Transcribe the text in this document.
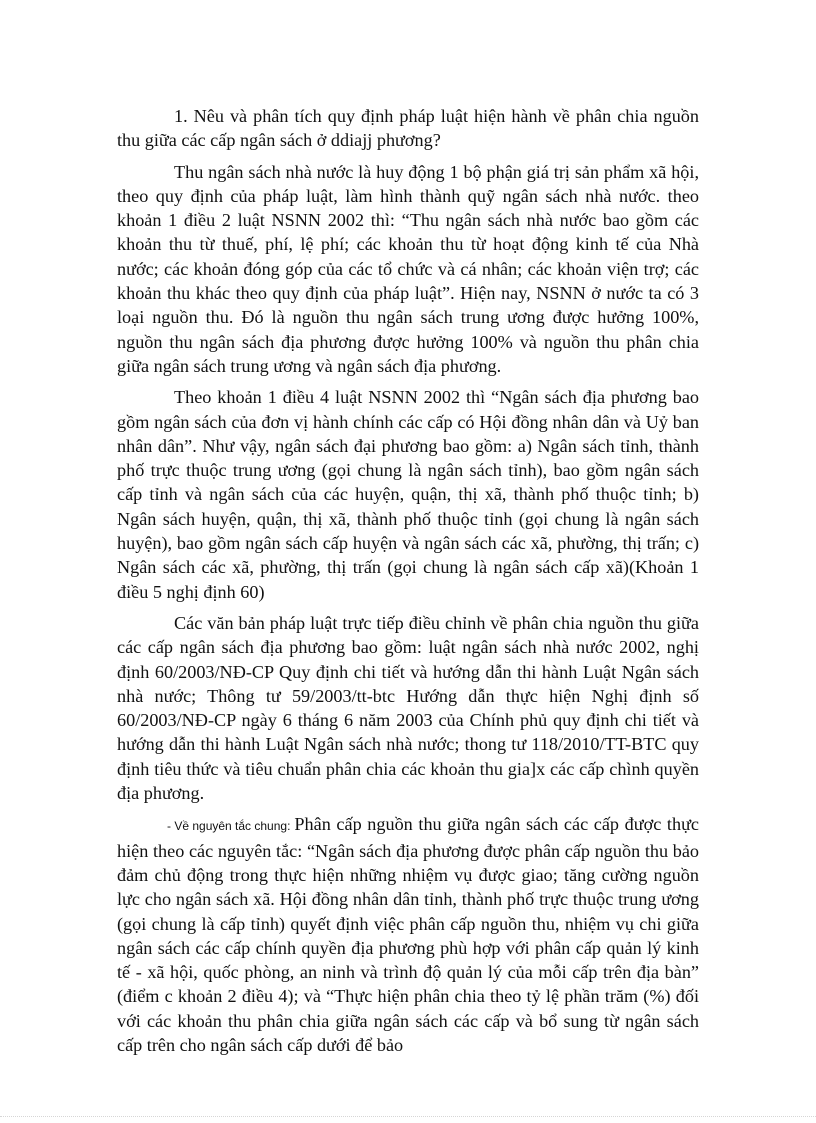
1. Nêu và phân tích quy định pháp luật hiện hành về phân chia nguồn thu giữa các cấp ngân sách ở ddiajj phương?

Thu ngân sách nhà nước là huy động 1 bộ phận giá trị sản phẩm xã hội, theo quy định của pháp luật, làm hình thành quỹ ngân sách nhà nước. theo khoản 1 điều 2 luật NSNN 2002 thì: “Thu ngân sách nhà nước bao gồm các khoản thu từ thuế, phí, lệ phí; các khoản thu từ hoạt động kinh tế của Nhà nước; các khoản đóng góp của các tổ chức và cá nhân; các khoản viện trợ; các khoản thu khác theo quy định của pháp luật”. Hiện nay, NSNN ở nước ta có 3 loại nguồn thu. Đó là nguồn thu ngân sách trung ương được hưởng 100%, nguồn thu ngân sách địa phương được hưởng 100% và nguồn thu phân chia giữa ngân sách trung ương và ngân sách địa phương.

Theo khoản 1 điều 4 luật NSNN 2002 thì “Ngân sách địa phương bao gồm ngân sách của đơn vị hành chính các cấp có Hội đồng nhân dân và Uỷ ban nhân dân”. Như vậy, ngân sách đại phương bao gồm: a) Ngân sách tỉnh, thành phố trực thuộc trung ương (gọi chung là ngân sách tỉnh), bao gồm ngân sách cấp tỉnh và ngân sách của các huyện, quận, thị xã, thành phố thuộc tỉnh; b) Ngân sách huyện, quận, thị xã, thành phố thuộc tỉnh (gọi chung là ngân sách huyện), bao gồm ngân sách cấp huyện và ngân sách các xã, phường, thị trấn; c) Ngân sách các xã, phường, thị trấn (gọi chung là ngân sách cấp xã)(Khoản 1 điều 5 nghị định 60)

Các văn bản pháp luật trực tiếp điều chỉnh về phân chia nguồn thu giữa các cấp ngân sách địa phương bao gồm: luật ngân sách nhà nước 2002, nghị định 60/2003/NĐ-CP Quy định chi tiết và hướng dẫn thi hành Luật Ngân sách nhà nước; Thông tư 59/2003/tt-btc Hướng dẫn thực hiện Nghị định số 60/2003/NĐ-CP ngày 6 tháng 6 năm 2003 của Chính phủ quy định chi tiết và hướng dẫn thi hành Luật Ngân sách nhà nước; thong tư 118/2010/TT-BTC quy định tiêu thức và tiêu chuẩn phân chia các khoản thu gia]x các cấp chình quyền địa phương.

- Về nguyên tắc chung: Phân cấp nguồn thu giữa ngân sách các cấp được thực hiện theo các nguyên tắc: “Ngân sách địa phương được phân cấp nguồn thu bảo đảm chủ động trong thực hiện những nhiệm vụ được giao; tăng cường nguồn lực cho ngân sách xã. Hội đồng nhân dân tỉnh, thành phố trực thuộc trung ương (gọi chung là cấp tỉnh) quyết định việc phân cấp nguồn thu, nhiệm vụ chi giữa ngân sách các cấp chính quyền địa phương phù hợp với phân cấp quản lý kinh tế - xã hội, quốc phòng, an ninh và trình độ quản lý của mỗi cấp trên địa bàn” (điểm c khoản 2 điều 4); và “Thực hiện phân chia theo tỷ lệ phần trăm (%) đối với các khoản thu phân chia giữa ngân sách các cấp và bổ sung từ ngân sách cấp trên cho ngân sách cấp dưới để bảo
